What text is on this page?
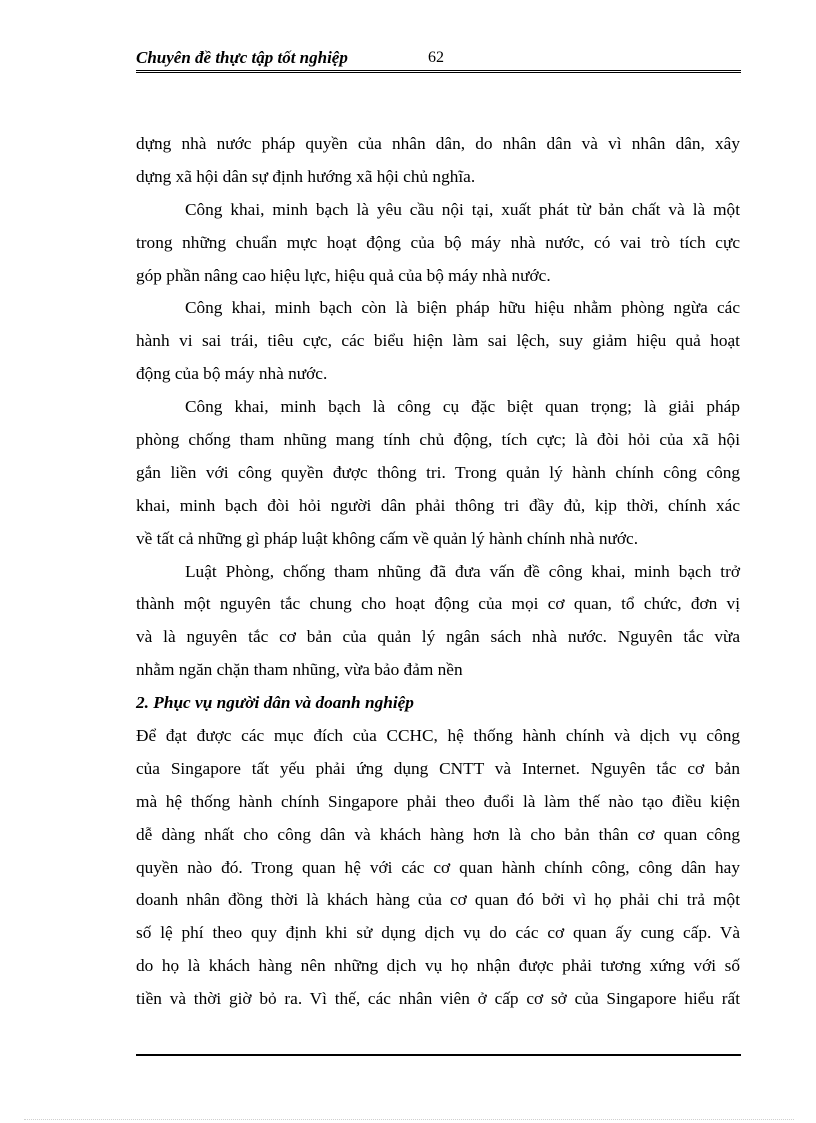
Chuyên đề thực tập tốt nghiệp	62
dựng nhà nước pháp quyền của nhân dân, do nhân dân và vì nhân dân, xây
dựng xã hội dân sự định hướng xã hội chủ nghĩa.
Công khai, minh bạch là yêu cầu nội tại, xuất phát từ bản chất và là một
trong những chuẩn mực hoạt động của bộ máy nhà nước, có vai trò tích cực
góp phần nâng cao hiệu lực, hiệu quả của bộ máy nhà nước.
Công khai, minh bạch còn là biện pháp hữu hiệu nhằm phòng ngừa các
hành vi sai trái, tiêu cực, các biểu hiện làm sai lệch, suy giảm hiệu quả hoạt
động của bộ máy nhà nước.
Công khai, minh bạch là công cụ đặc biệt quan trọng; là giải pháp
phòng chống tham nhũng mang tính chủ động, tích cực; là đòi hỏi của xã hội
gắn liền với công quyền được thông tri. Trong quản lý hành chính công công
khai, minh bạch đòi hỏi người dân phải thông tri đầy đủ, kịp thời, chính xác
về tất cả những gì pháp luật không cấm về quản lý hành chính nhà nước.
Luật Phòng, chống tham nhũng đã đưa vấn đề công khai, minh bạch trở
thành một nguyên tắc chung cho hoạt động của mọi cơ quan, tổ chức, đơn vị
và là nguyên tắc cơ bản của quản lý ngân sách nhà nước. Nguyên tắc vừa
nhằm ngăn chặn tham nhũng, vừa bảo đảm nền
2. Phục vụ người dân và doanh nghiệp
Để đạt được các mục đích của CCHC, hệ thống hành chính và dịch vụ công
của Singapore tất yếu phải ứng dụng CNTT và Internet. Nguyên tắc cơ bản
mà hệ thống hành chính Singapore phải theo đuổi là làm thế nào tạo điều kiện
dễ dàng nhất cho công dân và khách hàng hơn là cho bản thân cơ quan công
quyền nào đó. Trong quan hệ với các cơ quan hành chính công, công dân hay
doanh nhân đồng thời là khách hàng của cơ quan đó bởi vì họ phải chi trả một
số lệ phí theo quy định khi sử dụng dịch vụ do các cơ quan ấy cung cấp. Và
do họ là khách hàng nên những dịch vụ họ nhận được phải tương xứng với số
tiền và thời giờ bỏ ra. Vì thế, các nhân viên ở cấp cơ sở của Singapore hiểu rất
